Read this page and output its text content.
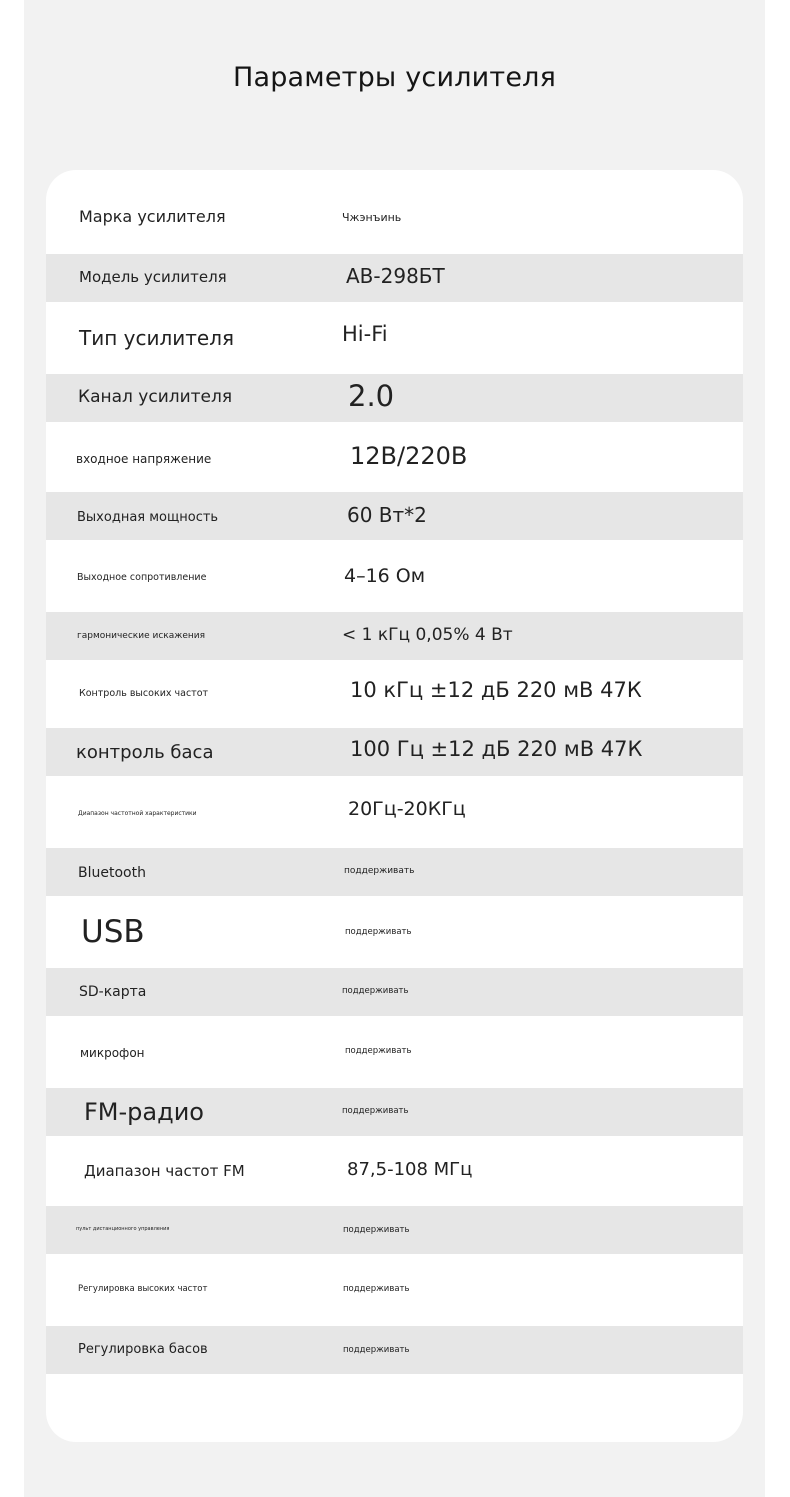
Параметры усилителя
Марка усилителя	Чжэнъинь
Модель усилителя	AB-298БТ
Тип усилителя	Hi-Fi
Канал усилителя	2.0
входное напряжение	12В/220В
Выходная мощность	60 Вт*2
Выходное сопротивление	4–16 Ом
гармонические искажения	< 1 кГц 0,05% 4 Вт
Контроль высоких частот	10 кГц ±12 дБ 220 мВ 47К
контроль баса	100 Гц ±12 дБ 220 мВ 47К
Диапазон частотной характеристики	20Гц-20КГц
Bluetooth	поддерживать
USB	поддерживать
SD-карта	поддерживать
микрофон	поддерживать
FM-радио	поддерживать
Диапазон частот FM	87,5-108 МГц
пульт дистанционного управления	поддерживать
Регулировка высоких частот	поддерживать
Регулировка басов	поддерживать
